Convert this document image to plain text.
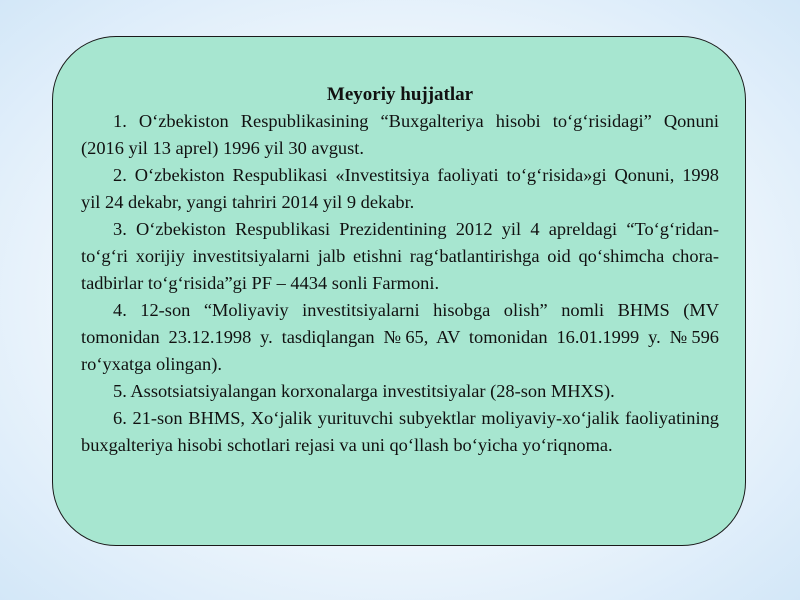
Meyoriy hujjatlar

1. O‘zbekiston Respublikasining “Buxgalteriya hisobi to‘g‘risidagi” Qonuni (2016 yil 13 aprel) 1996 yil 30 avgust.

2. O‘zbekiston Respublikasi «Investitsiya faoliyati to‘g‘risida»gi Qonuni, 1998 yil 24 dekabr, yangi tahriri 2014 yil 9 dekabr.

3. O‘zbekiston Respublikasi Prezidentining 2012 yil 4 apreldagi “To‘g‘ridan-to‘g‘ri xorijiy investitsiyalarni jalb etishni rag‘batlantirishga oid qo‘shimcha chora-tadbirlar to‘g‘risida”gi PF – 4434 sonli Farmoni.

4. 12-son “Moliyaviy investitsiyalarni hisobga olish” nomli BHMS (MV tomonidan 23.12.1998 y. tasdiqlangan №65, AV tomonidan 16.01.1999 y. №596 ro‘yxatga olingan).

5. Assotsiatsiyalangan korxonalarga investitsiyalar (28-son MHXS).

6. 21-son BHMS, Xo‘jalik yurituvchi subyektlar moliyaviy-xo‘jalik faoliyatining buxgalteriya hisobi schotlari rejasi va uni qo‘llash bo‘yicha yo‘riqnoma.
